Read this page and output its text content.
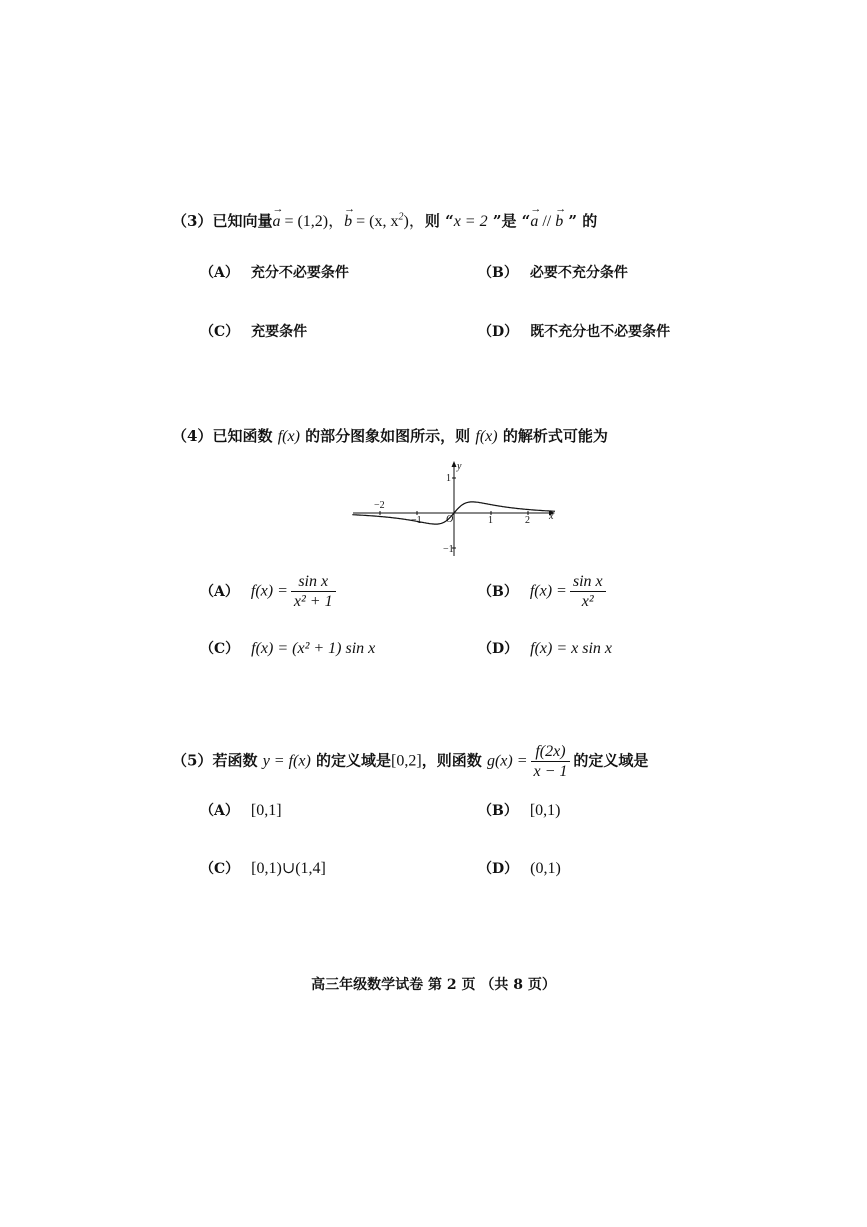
（3）已知向量→ a = (1,2)，→ b = (x, $x^2$)，则 “x = 2 ”是 “→ a // → b ” 的
（A） 充分不必要条件	（B） 必要不充分条件
（C） 充要条件	（D） 既不充分也不必要条件
（4）已知函数 f(x) 的部分图象如图所示，则 f(x) 的解析式可能为
−2
−1	1	2
1
−1
O	x
y
（A） $f(x) = \frac{\text{sin x}}{\text{x² + 1}}$	（B） $f(x) = \frac{\text{sin x}}{\text{x²}}$
（C） f(x) = (x² + 1) sin x	（D） f(x) = x sin x
（5）若函数 y = f(x) 的定义域是[0,2]，则函数 $g(x) = \frac{f(2x)}{x - 1}$ 的定义域是
（A） [0,1]	（B） [0,1)
（C） [0,1)∪(1,4]	（D） (0,1)
高三年级数学试卷 第 2 页 （共 8 页）
